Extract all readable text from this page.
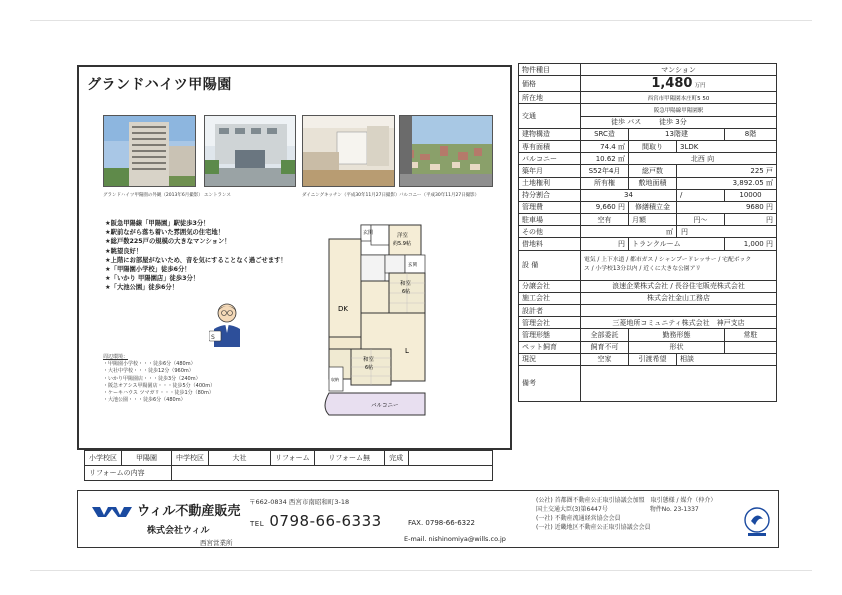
グランドハイツ甲陽園
グランドハイツ甲陽園の外観（2013年6月撮影） エントランス	ダイニングキッチン（平成30年11月27日撮影） バルコニー（平成30年11月27日撮影）
★阪急甲陽線「甲陽園」駅徒歩3分！
★駅前ながら落ち着いた雰囲気の住宅地！
★総戸数225戸の規模の大きなマンション！
★眺望良好！
★上階にお部屋がないため、音を気にすることなく過ごせます！
★「甲陽園小学校」徒歩6分！
★「いかり 甲陽園店」徒歩3分！
★「大池公園」徒歩6分！
S
周辺環境：
・甲陽園小学校・・・徒歩6分（480m）
・大社中学校・・・徒歩12分（960m）
・いかり甲陽園店・・・徒歩3分（240m）
・阪急オアシス甲陽園店・・・徒歩5分（400m）
・ケーキハウス ツマガリ・・・徒歩1分（80m）
・大池公園・・・徒歩6分（480m）
玄関	洋室
約5.9帖
和室
6帖
DK
和室
6帖
L
バルコニー
収納
玄関
物件種目	マンション			
価格	1,480 万円			
所在地	西宮市甲陽園本庄町5 50			
交通	阪急甲陽線甲陽園駅			
	徒歩 バス 徒歩 3分			
建物構造	SRC造	13階建		8階
専有面積	74.4 ㎡	間取り	3LDK	
バルコニー	10.62 ㎡	北西 向		
築年月	S52年4月	総戸数	225 戸	
土地権利	所有権	敷地面積	3,892.05 ㎡	
持分割合	34		/	10000
管理費	9,660 円	修繕積立金	9680 円	
駐車場	空有	月額	円～	円
その他	㎡		円	
借地料	円	トランクルーム		1,000 円
設 備	電気 / 上下水道 / 都市ガス / シャンプードレッサー / 宅配ボック
ス / 小学校13分以内 / 近くに大きな公園アリ			

分譲会社	浪速企業株式会社 / 長谷住宅販売株式会社			
施工会社	株式会社金山工務店			
設計者				
管理会社	三菱地所コミュニティ株式会社　神戸支店			
管理形態	全部委託	勤務形態		常駐
ペット飼育	飼育不可	形状		
現況	空家	引渡希望	相談	
備考				
小学校区	甲陽園	中学校区	大社	リフォーム	リフォーム無	完成	
リフォームの内容							
ウィル不動産販売
株式会社ウィル
西宮営業所
〒662-0834 西宮市南昭和町3-18
TEL 0798-66-6333	FAX. 0798-66-6322
E-mail. nishinomiya@wills.co.jp
(公社) 首都圏不動産公正取引協議会加盟　取引態様 / 媒介（仲介）
国土交通大臣(3)第6447号　　　　　　　物件No. 23-1337
(一社) 不動産流通経営協会会員
(一社) 近畿地区不動産公正取引協議会会員
